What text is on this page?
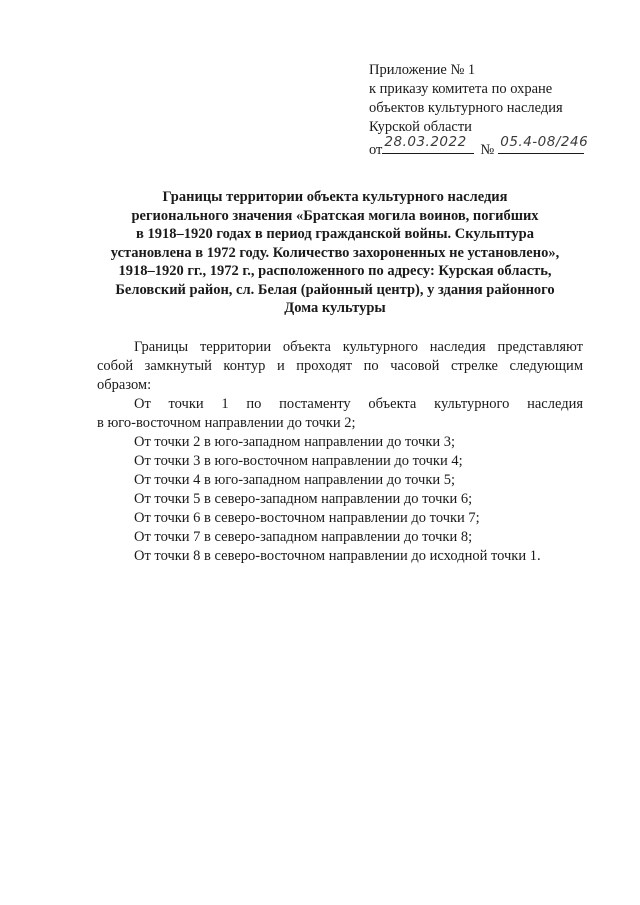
Приложение № 1
к приказу комитета по охране
объектов культурного наследия
Курской области
от 28.03.2022 № 05.4-08/246
Границы территории объекта культурного наследия
регионального значения «Братская могила воинов, погибших
в 1918–1920 годах в период гражданской войны. Скульптура
установлена в 1972 году. Количество захороненных не установлено»,
1918–1920 гг., 1972 г., расположенного по адресу: Курская область,
Беловский район, сл. Белая (районный центр), у здания районного
Дома культуры

Границы территории объекта культурного наследия представляют

собой замкнутый контур и проходят по часовой стрелке следующим

образом:

От точки 1 по постаменту объекта культурного наследия

в юго-восточном направлении до точки 2;

От точки 2 в юго-западном направлении до точки 3;

От точки 3 в юго-восточном направлении до точки 4;

От точки 4 в юго-западном направлении до точки 5;

От точки 5 в северо-западном направлении до точки 6;

От точки 6 в северо-восточном направлении до точки 7;

От точки 7 в северо-западном направлении до точки 8;

От точки 8 в северо-восточном направлении до исходной точки 1.
